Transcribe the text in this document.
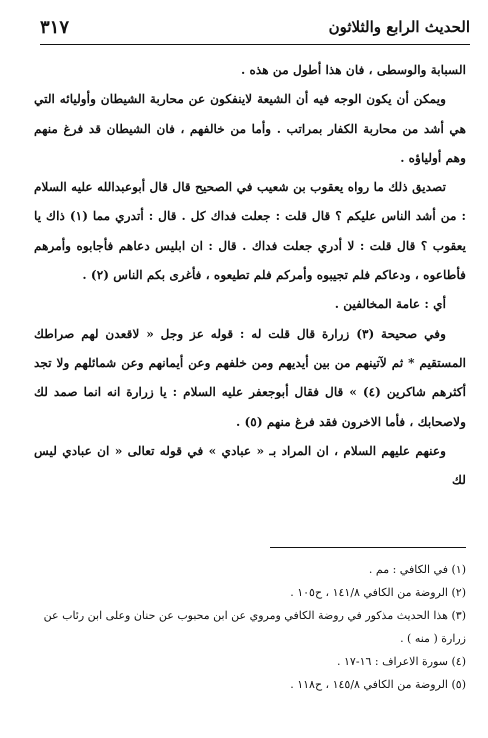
الحديث الرابع والثلاثون
٣١٧

السبابة والوسطى ، فان هذا أطول من هذه .

ويمكن أن يكون الوجه فيه أن الشيعة لاينفكون عن محاربة الشيطان وأوليائه التي هي أشد من محاربة الكفار بمراتب . وأما من خالفهم ، فان الشيطان قد فرغ منهم وهم أولياؤه .

تصديق ذلك ما رواه يعقوب بن شعيب في الصحيح قال قال أبوعبدالله عليه السلام : من أشد الناس عليكم ؟ قال قلت : جعلت فداك كل . قال : أتدري مما (١) ذاك يا يعقوب ؟ قال قلت : لا أدري جعلت فداك . قال : ان ابليس دعاهم فأجابوه وأمرهم فأطاعوه ، ودعاكم فلم تجيبوه وأمركم فلم تطيعوه ، فأغرى بكم الناس (٢) .

أي : عامة المخالفين .

وفي صحيحة (٣) زرارة قال قلت له : قوله عز وجل « لاقعدن لهم صراطك المستقيم * ثم لآتينهم من بين أيديهم ومن خلفهم وعن أيمانهم وعن شمائلهم ولا تجد أكثرهم شاكرين (٤) » قال فقال أبوجعفر عليه السلام : يا زرارة انه انما صمد لك ولاصحابك ، فأما الاخرون فقد فرغ منهم (٥) .

وعنهم عليهم السلام ، ان المراد بـ « عبادي » في قوله تعالى « ان عبادي ليس لك

(١) في الكافي : مم .

(٢) الروضة من الكافي ١٤١/٨ ، ح١٠٥ .

(٣) هذا الحديث مذكور في روضة الكافي ومروي عن ابن محبوب عن حنان وعلى ابن رئاب عن زرارة ( منه ) .

(٤) سورة الاعراف : ١٦-١٧ .

(٥) الروضة من الكافي ١٤٥/٨ ، ح١١٨ .
